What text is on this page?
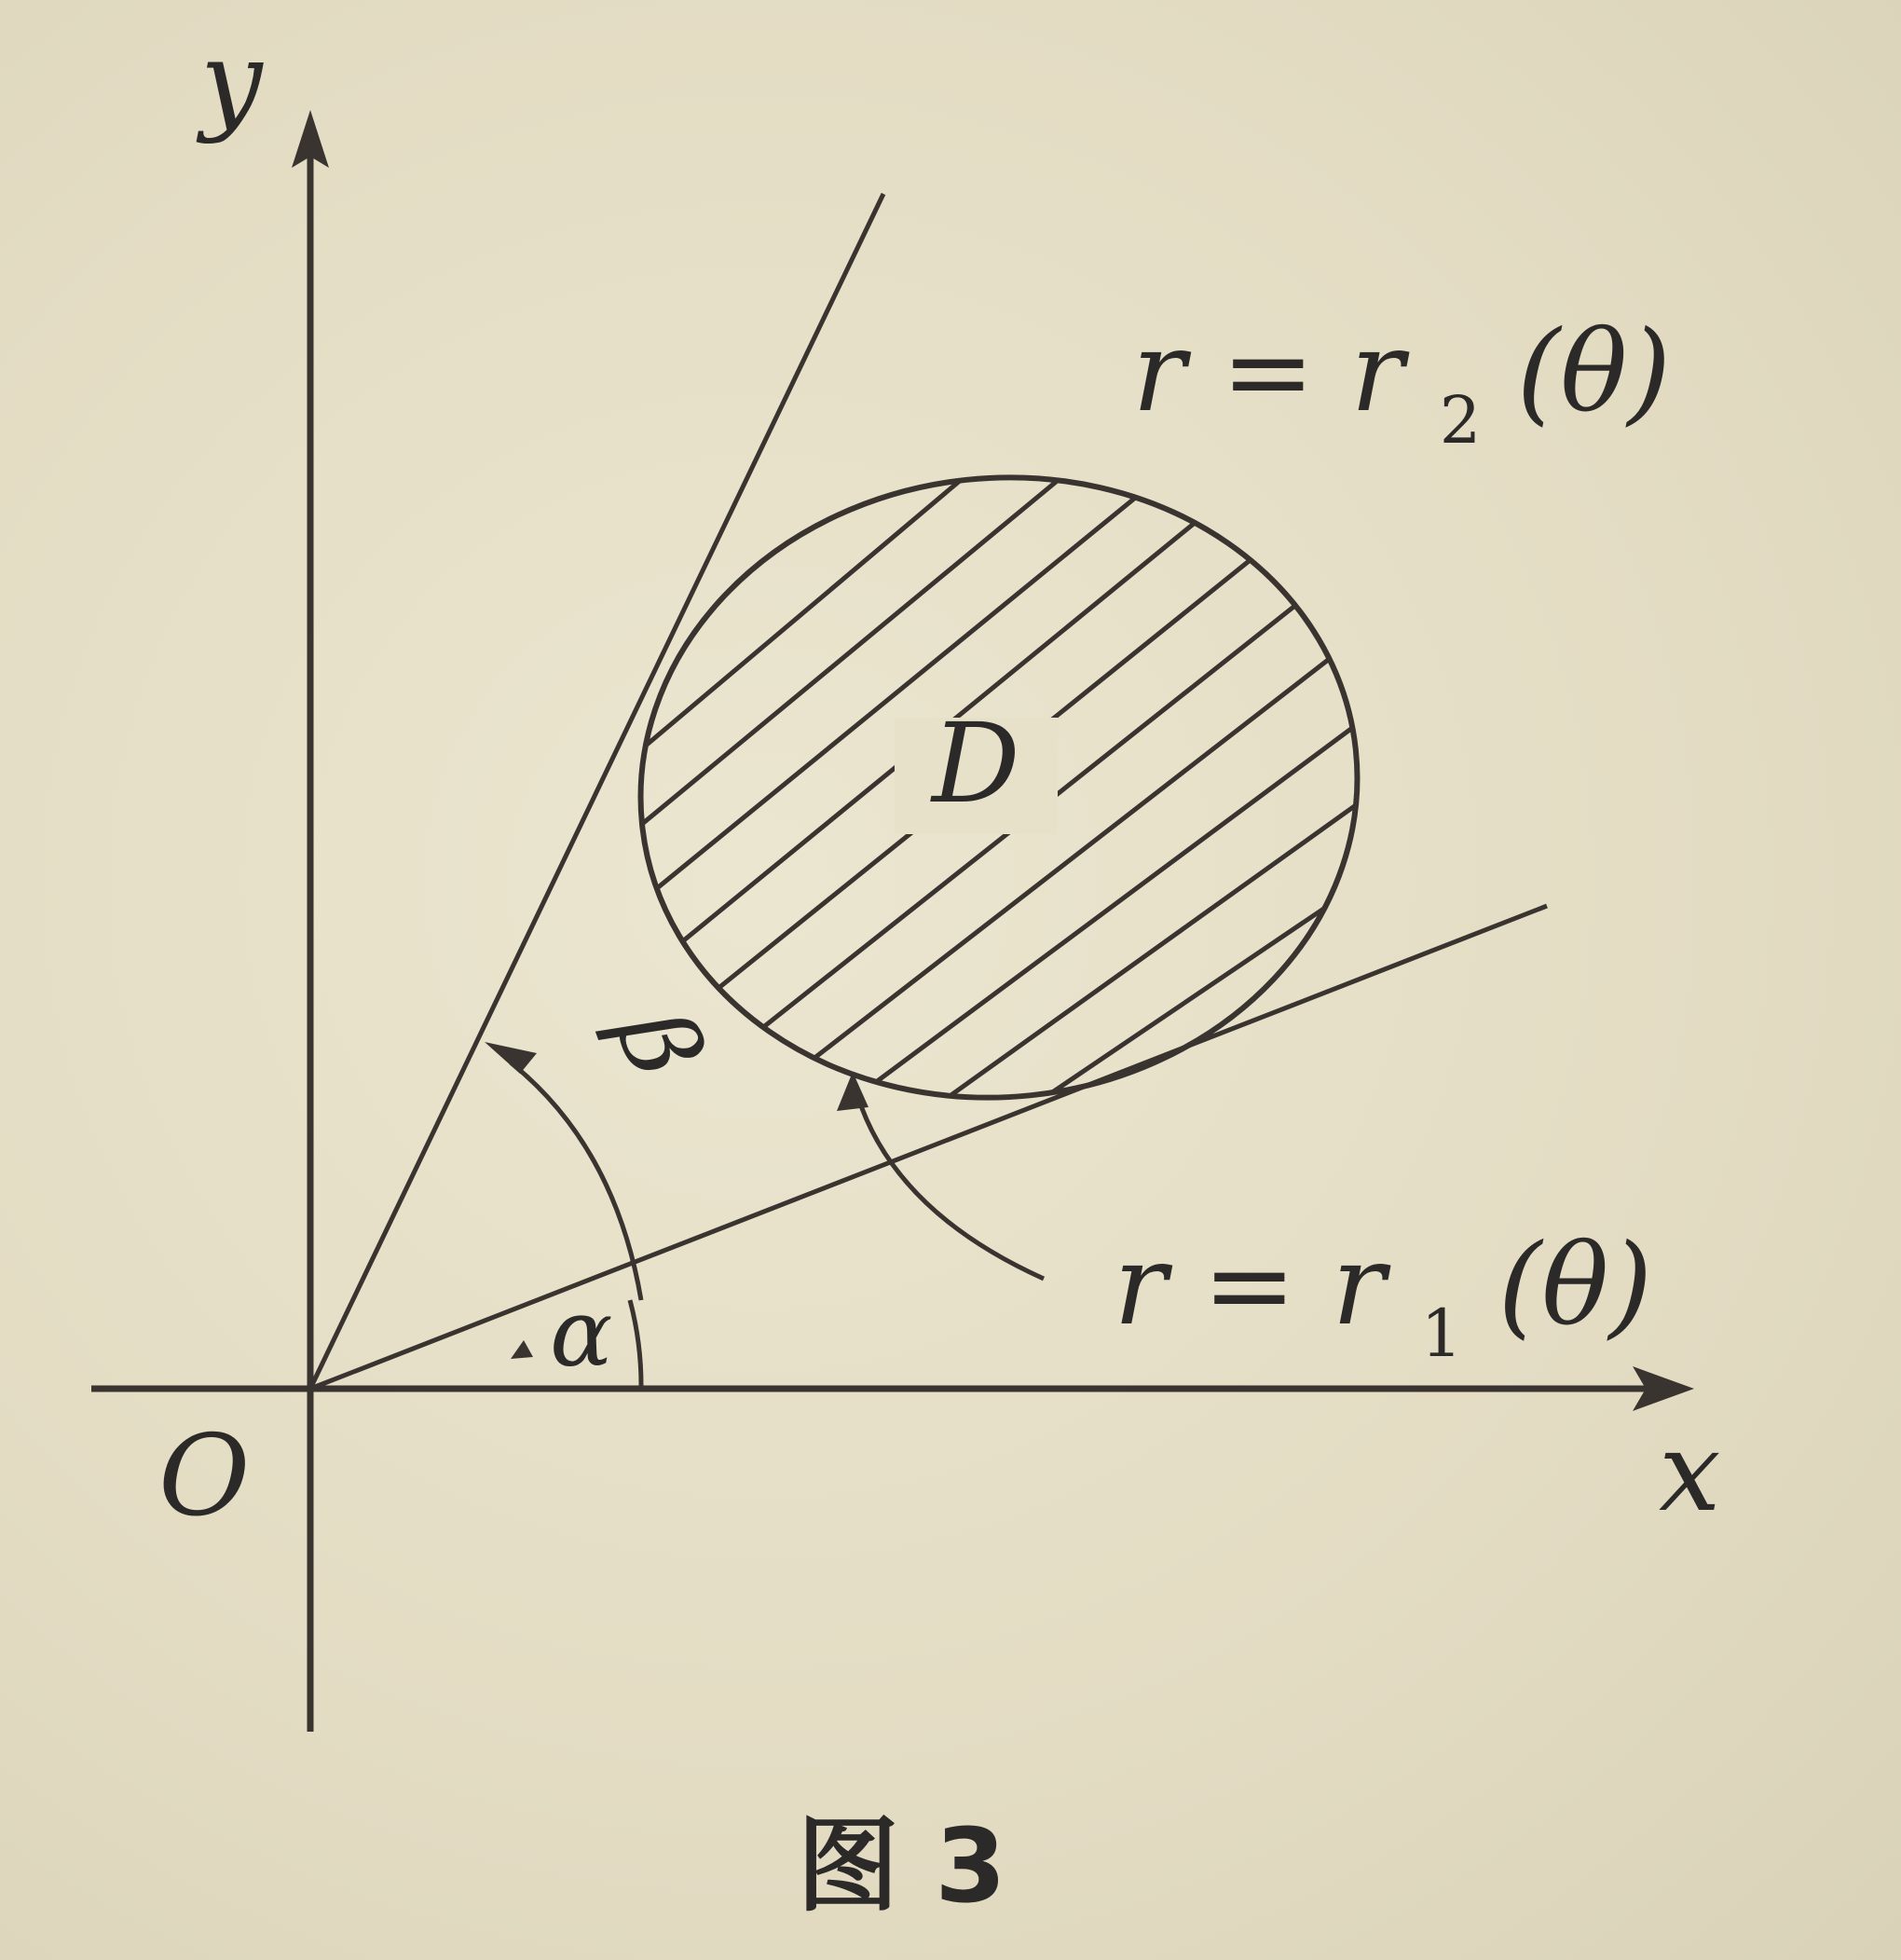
y
x
O
D
α
β
r = r $_2$ (θ)
r = r $_1$ (θ)
图 3
